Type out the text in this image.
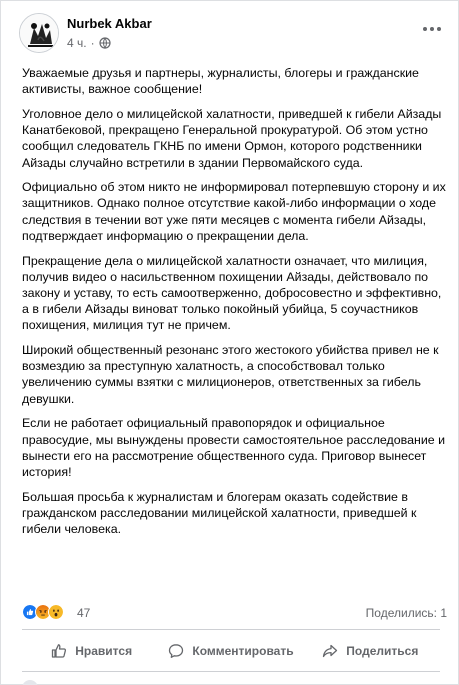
Nurbek Akbar
4 ч. ·

Уважаемые друзья и партнеры, журналисты, блогеры и гражданские активисты, важное сообщение!

Уголовное дело о милицейской халатности, приведшей к гибели Айзады Канатбековой, прекращено Генеральной прокуратурой. Об этом устно сообщил следователь ГКНБ по имени Ормон, которого родственники Айзады случайно встретили в здании Первомайского суда.

Официально об этом никто не информировал потерпевшую сторону и их защитников. Однако полное отсутствие какой-либо информации о ходе следствия в течении вот уже пяти месяцев с момента гибели Айзады, подтверждает информацию о прекращении дела.

Прекращение дела о милицейской халатности означает, что милиция, получив видео о насильственном похищении Айзады, действовало по закону и уставу, то есть самоотверженно, добросовестно и эффективно, а в гибели Айзады виноват только покойный убийца, 5 соучастников похищения, милиция тут не причем.

Широкий общественный резонанс этого жестокого убийства привел не к возмездию за преступную халатность, а способствовал только увеличению суммы взятки с милиционеров, ответственных за гибель девушки.

Если не работает официальный правопорядок и официальное правосудие, мы вынуждены провести самостоятельное расследование и вынести его на рассмотрение общественного суда. Приговор вынесет история!

Большая просьба к журналистам и блогерам оказать содействие в гражданском расследовании милицейской халатности, приведшей к гибели человека.

47	Поделились: 1
Нравится	Комментировать	Поделиться
